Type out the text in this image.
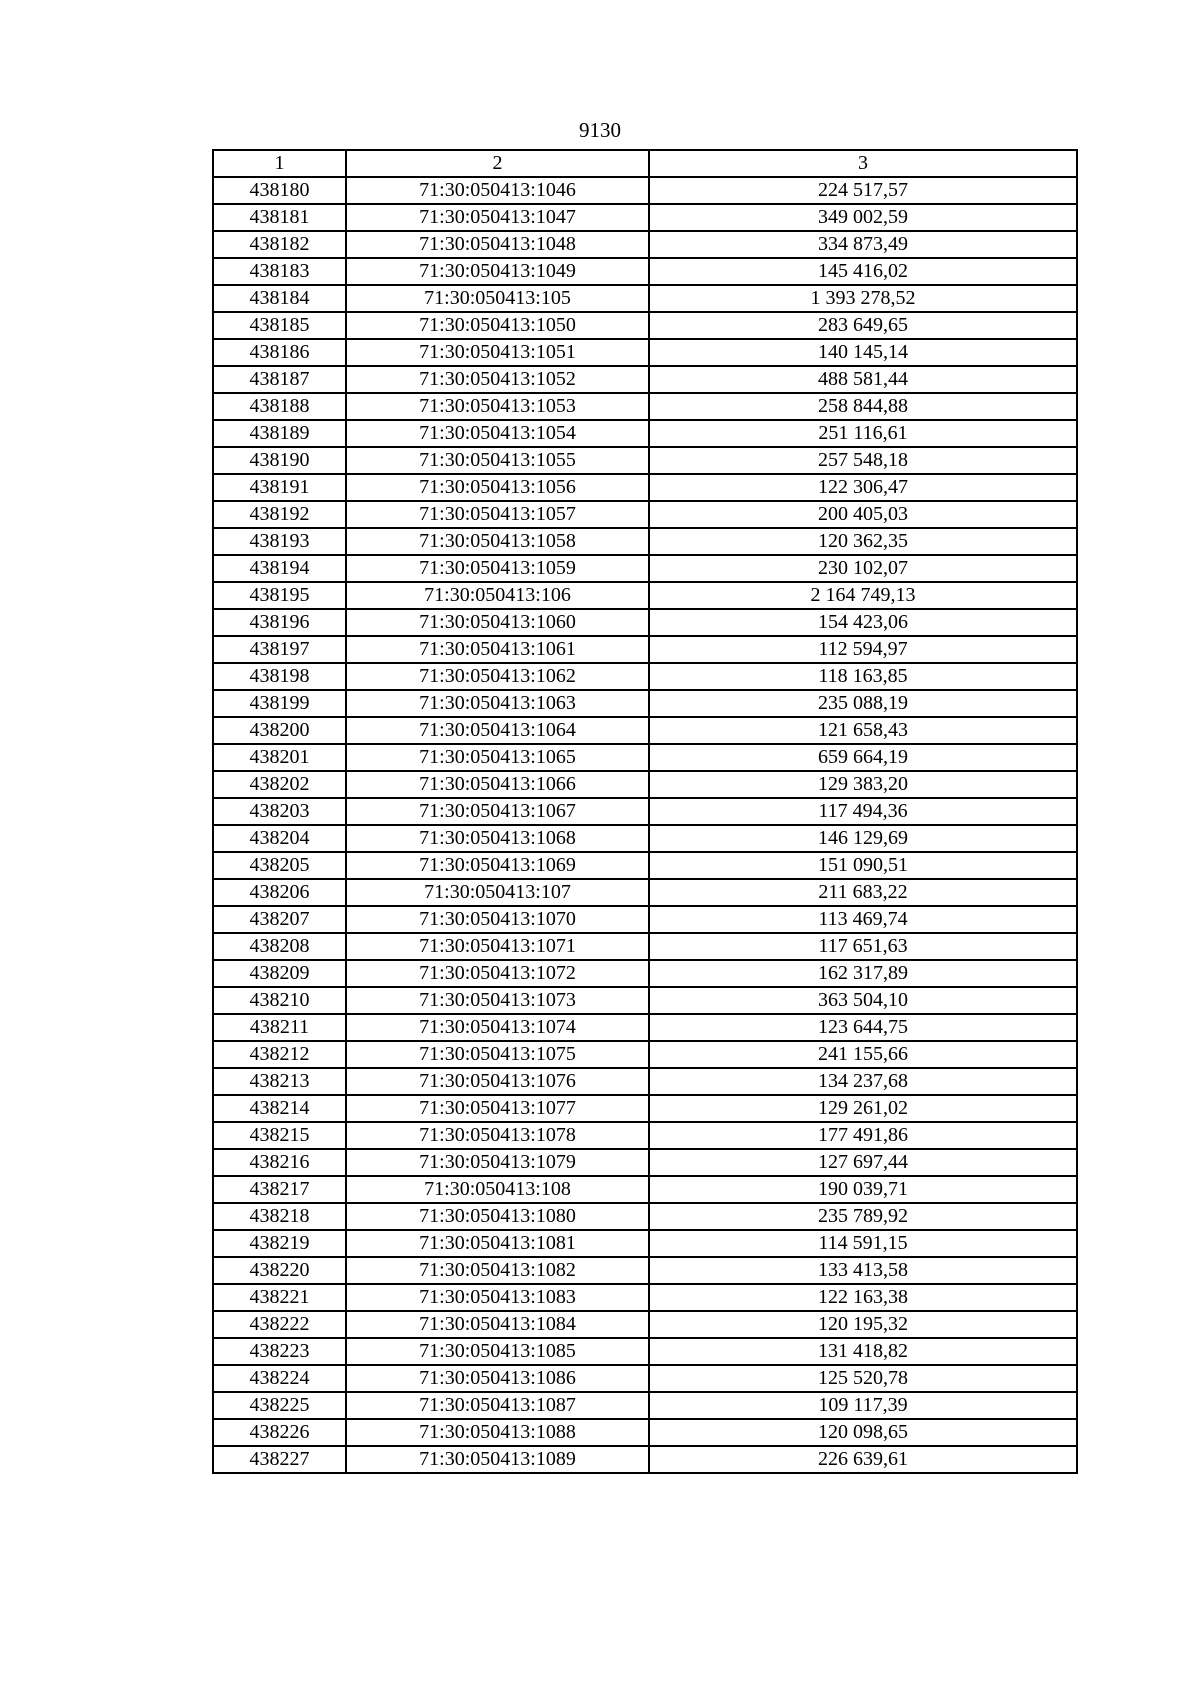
9130
1	2	3
438180	71:30:050413:1046	224 517,57
438181	71:30:050413:1047	349 002,59
438182	71:30:050413:1048	334 873,49
438183	71:30:050413:1049	145 416,02
438184	71:30:050413:105	1 393 278,52
438185	71:30:050413:1050	283 649,65
438186	71:30:050413:1051	140 145,14
438187	71:30:050413:1052	488 581,44
438188	71:30:050413:1053	258 844,88
438189	71:30:050413:1054	251 116,61
438190	71:30:050413:1055	257 548,18
438191	71:30:050413:1056	122 306,47
438192	71:30:050413:1057	200 405,03
438193	71:30:050413:1058	120 362,35
438194	71:30:050413:1059	230 102,07
438195	71:30:050413:106	2 164 749,13
438196	71:30:050413:1060	154 423,06
438197	71:30:050413:1061	112 594,97
438198	71:30:050413:1062	118 163,85
438199	71:30:050413:1063	235 088,19
438200	71:30:050413:1064	121 658,43
438201	71:30:050413:1065	659 664,19
438202	71:30:050413:1066	129 383,20
438203	71:30:050413:1067	117 494,36
438204	71:30:050413:1068	146 129,69
438205	71:30:050413:1069	151 090,51
438206	71:30:050413:107	211 683,22
438207	71:30:050413:1070	113 469,74
438208	71:30:050413:1071	117 651,63
438209	71:30:050413:1072	162 317,89
438210	71:30:050413:1073	363 504,10
438211	71:30:050413:1074	123 644,75
438212	71:30:050413:1075	241 155,66
438213	71:30:050413:1076	134 237,68
438214	71:30:050413:1077	129 261,02
438215	71:30:050413:1078	177 491,86
438216	71:30:050413:1079	127 697,44
438217	71:30:050413:108	190 039,71
438218	71:30:050413:1080	235 789,92
438219	71:30:050413:1081	114 591,15
438220	71:30:050413:1082	133 413,58
438221	71:30:050413:1083	122 163,38
438222	71:30:050413:1084	120 195,32
438223	71:30:050413:1085	131 418,82
438224	71:30:050413:1086	125 520,78
438225	71:30:050413:1087	109 117,39
438226	71:30:050413:1088	120 098,65
438227	71:30:050413:1089	226 639,61
